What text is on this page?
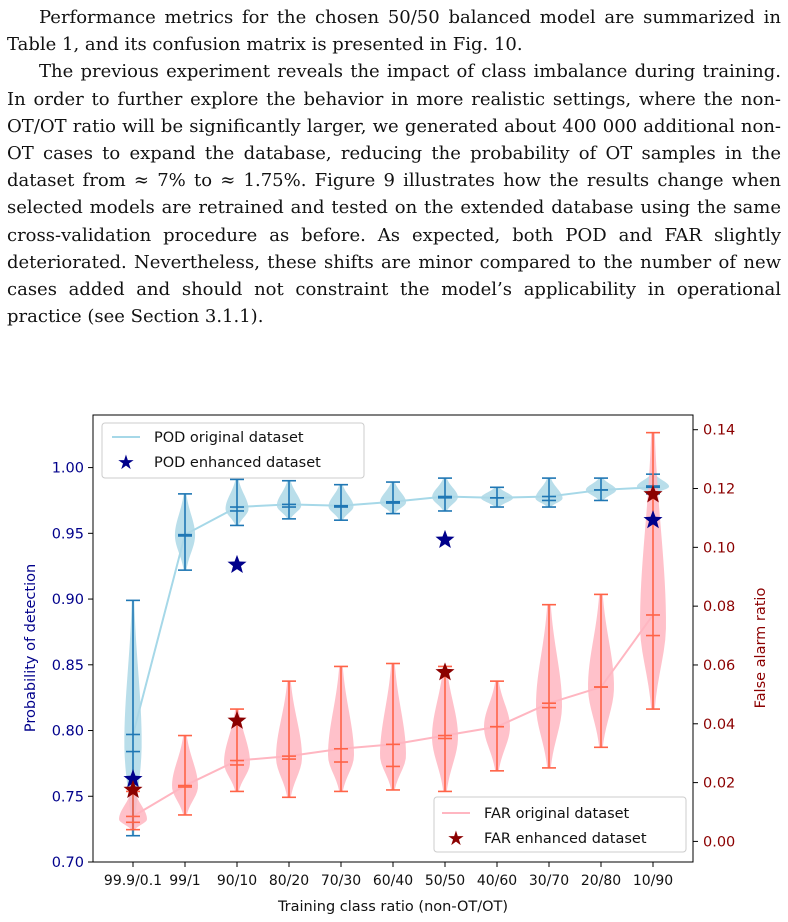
Performance metrics for the chosen 50/50 balanced model are summarized in Table 1, and its confusion matrix is presented in Fig. 10.

The previous experiment reveals the impact of class imbalance during training. In order to further explore the behavior in more realistic settings, where the non-OT/OT ratio will be significantly larger, we generated about 400 000 additional non-OT cases to expand the database, reducing the probability of OT samples in the dataset from ≈ 7% to ≈ 1.75%. Figure 9 illustrates how the results change when selected models are retrained and tested on the extended database using the same cross-validation procedure as before. As expected, both POD and FAR slightly deteriorated. Nevertheless, these shifts are minor compared to the number of new cases added and should not constraint the model’s applicability in operational practice (see Section 3.1.1).

Training class ratio (non-OT/OT)
Probability of detection	False alarm ratio
0.70
0.75
0.80
0.85
0.90
0.95
1.00
0.00
0.02
0.04
0.06
0.08
0.10
0.12
0.14
99.9/0.1 99/1 90/10 80/20 70/30 60/40 50/50 40/60 30/70 20/80 10/90
POD original dataset
★ POD enhanced dataset
FAR original dataset
★ FAR enhanced dataset
